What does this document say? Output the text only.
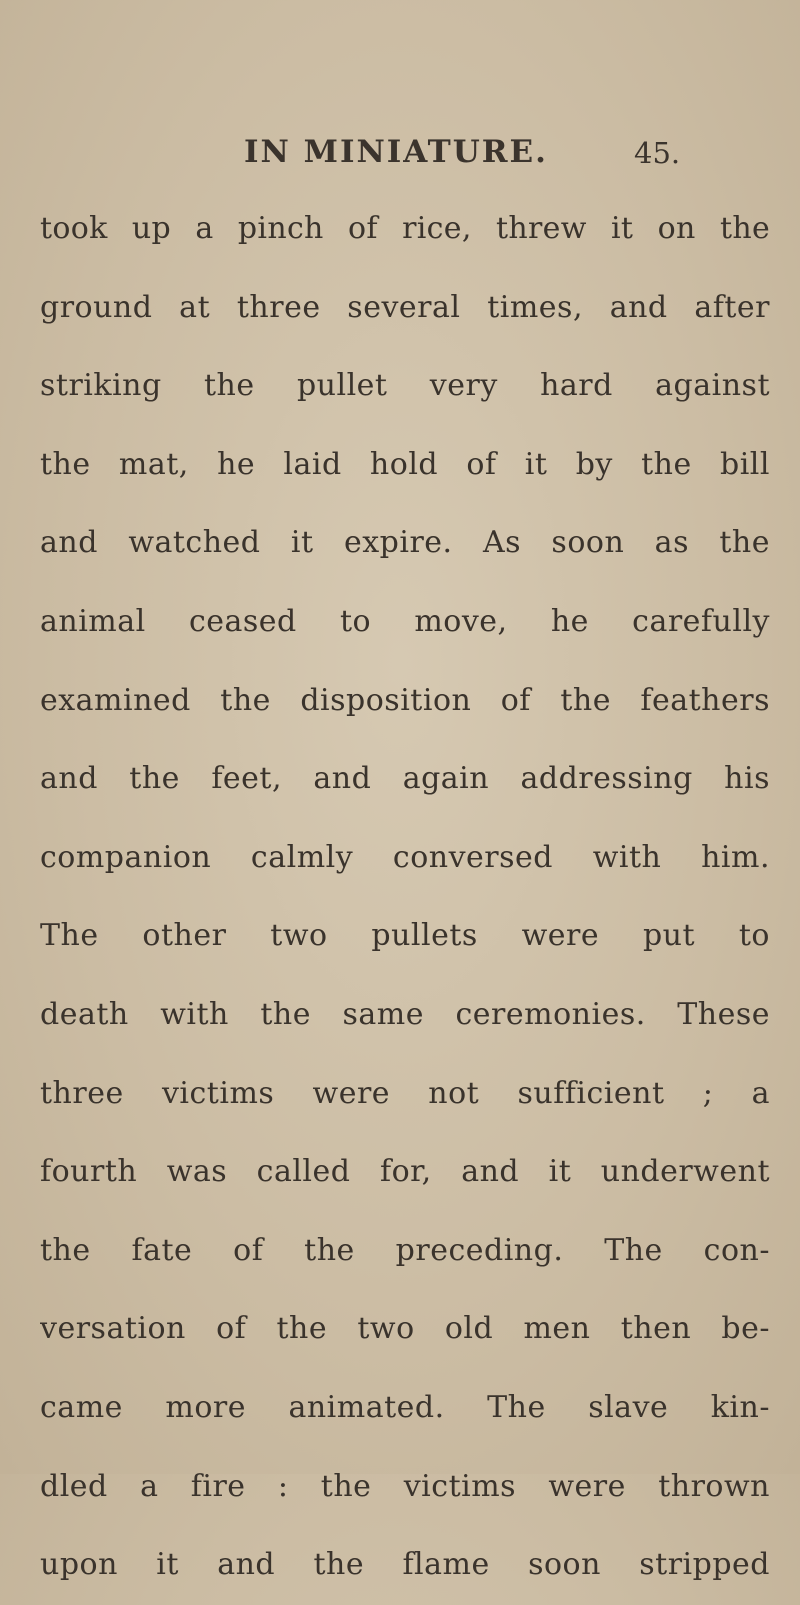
IN MINIATURE.	45.
took up a pinch of rice, threw it on the
ground at three several times, and after
striking the pullet very hard against
the mat, he laid hold of it by the bill
and watched it expire. As soon as the
animal ceased to move, he carefully
examined the disposition of the feathers
and the feet, and again addressing his
companion calmly conversed with him.
The other two pullets were put to
death with the same ceremonies. These
three victims were not sufficient ; a
fourth was called for, and it underwent
the fate of the preceding. The con-
versation of the two old men then be-
came more animated. The slave kin-
dled a fire : the victims were thrown
upon it and the flame soon stripped
